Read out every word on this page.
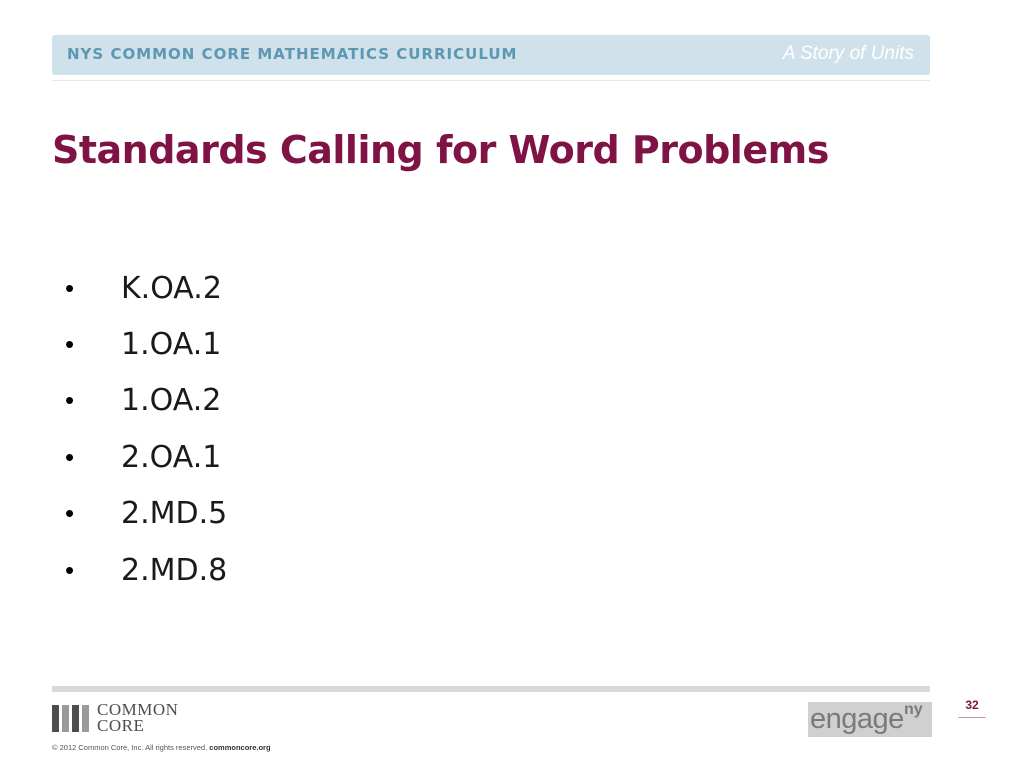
NYS COMMON CORE MATHEMATICS CURRICULUM	A Story of Units
Standards Calling for Word Problems
•	K.OA.2
•	1.OA.1
•	1.OA.2
•	2.OA.1
•	2.MD.5
•	2.MD.8
COMMON
CORE
© 2012 Common Core, Inc. All rights reserved. commoncore.org
engage ny	32
